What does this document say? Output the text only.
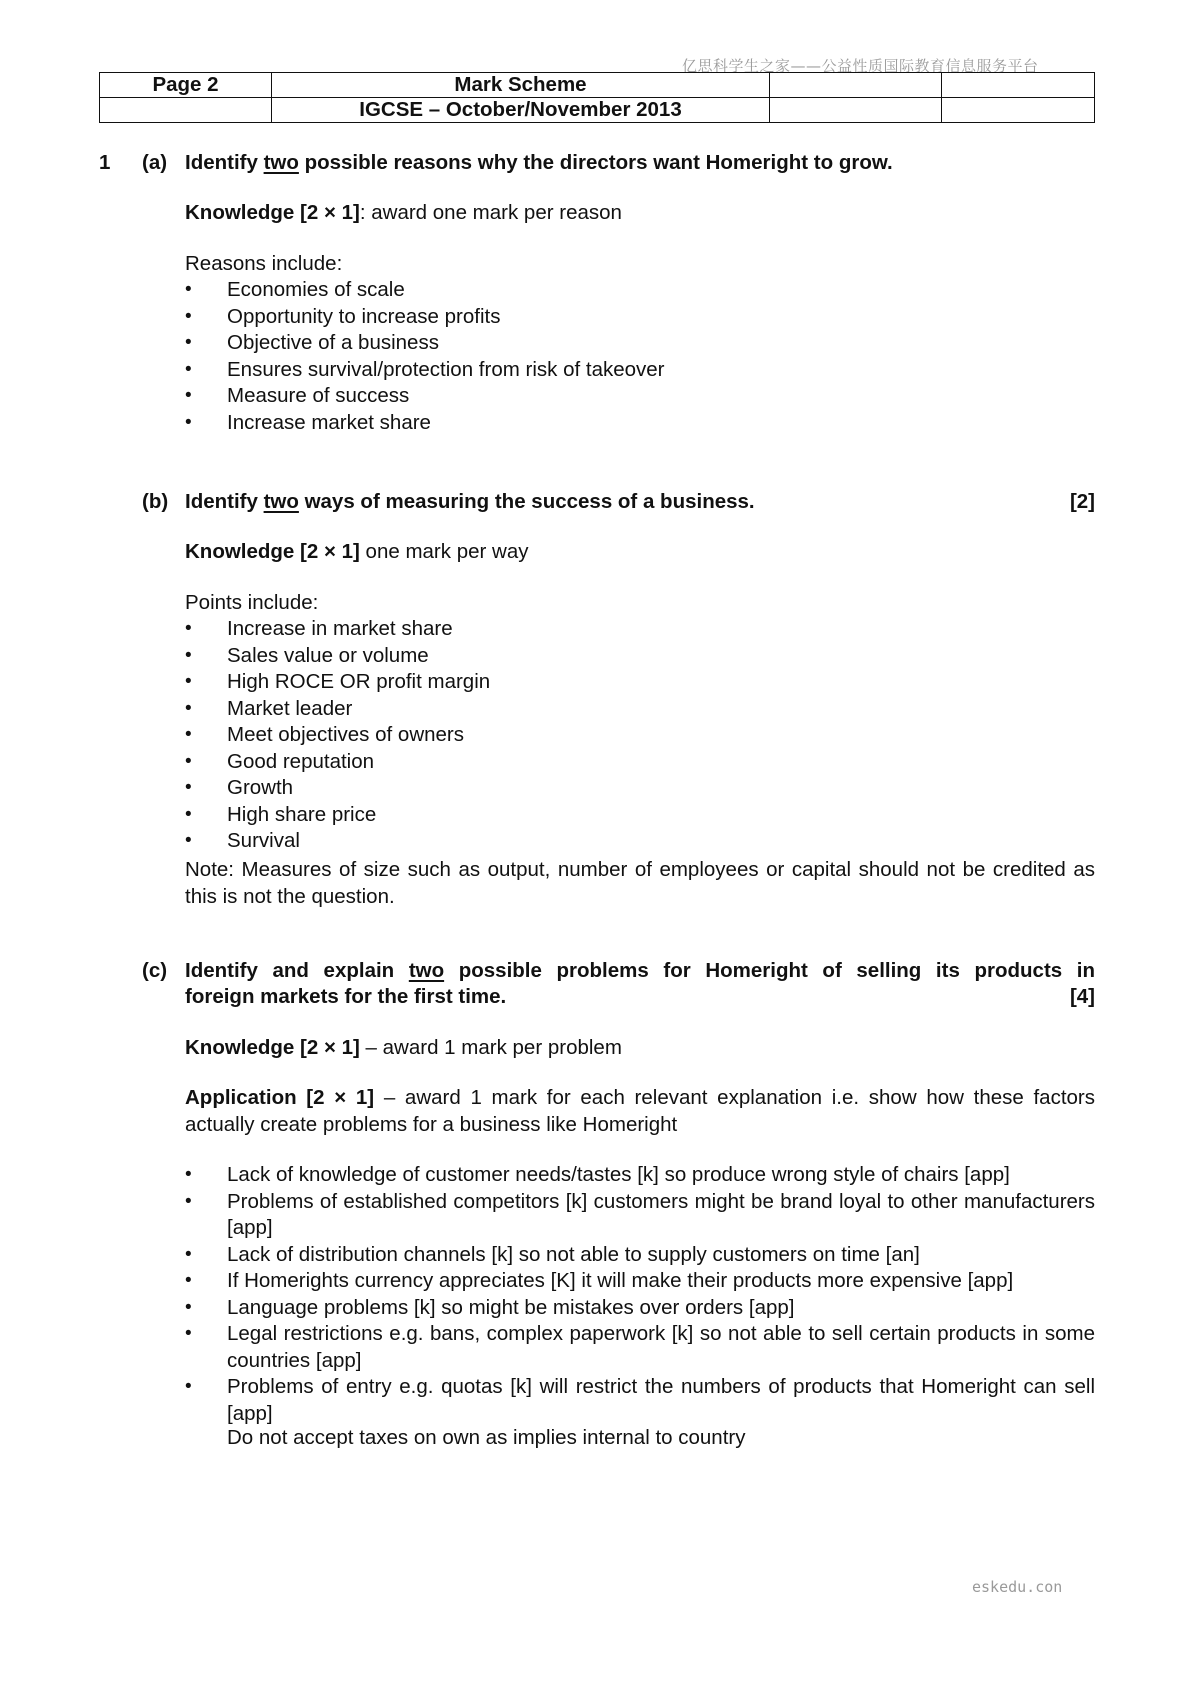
亿思科学生之家——公益性质国际教育信息服务平台
Page 2	Mark Scheme		
	IGCSE – October/November 2013		
1 (a) Identify two possible reasons why the directors want Homeright to grow.
Knowledge [2 × 1]: award one mark per reason
Reasons include:
• Economies of scale
• Opportunity to increase profits
• Objective of a business
• Ensures survival/protection from risk of takeover
• Measure of success
• Increase market share
(b) Identify two ways of measuring the success of a business.	[2]
Knowledge [2 × 1] one mark per way
Points include:
• Increase in market share
• Sales value or volume
• High ROCE OR profit margin
• Market leader
• Meet objectives of owners
• Good reputation
• Growth
• High share price
• Survival
Note: Measures of size such as output, number of employees or capital should not be credited as this is not the question.
(c) Identify and explain two possible problems for Homeright of selling its products in
foreign markets for the first time.	[4]
Knowledge [2 × 1] – award 1 mark per problem
Application [2 × 1] – award 1 mark for each relevant explanation i.e. show how these factors actually create problems for a business like Homeright
• Lack of knowledge of customer needs/tastes [k] so produce wrong style of chairs [app]
• Problems of established competitors [k] customers might be brand loyal to other manufacturers [app]
• Lack of distribution channels [k] so not able to supply customers on time [an]
• If Homerights currency appreciates [K] it will make their products more expensive [app]
• Language problems [k] so might be mistakes over orders [app]
• Legal restrictions e.g. bans, complex paperwork [k] so not able to sell certain products in some countries [app]
• Problems of entry e.g. quotas [k] will restrict the numbers of products that Homeright can sell [app]
Do not accept taxes on own as implies internal to country
eskedu.con
